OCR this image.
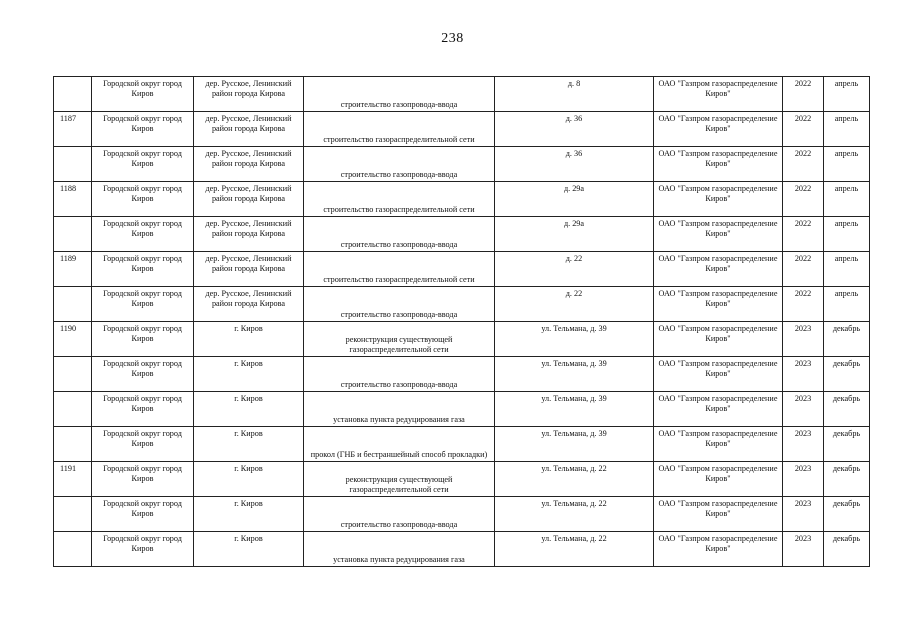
238

	Городской округ город
Киров	дер. Русское, Ленинский
район города Кирова	строительство газопровода-ввода	д. 8	ОАО "Газпром газораспределение
Киров"	2022	апрель

1187	Городской округ город
Киров	дер. Русское, Ленинский
район города Кирова	строительство газораспределительной сети	д. 36	ОАО "Газпром газораспределение
Киров"	2022	апрель

	Городской округ город
Киров	дер. Русское, Ленинский
район города Кирова	строительство газопровода-ввода	д. 36	ОАО "Газпром газораспределение
Киров"	2022	апрель

1188	Городской округ город
Киров	дер. Русское, Ленинский
район города Кирова	строительство газораспределительной сети	д. 29а	ОАО "Газпром газораспределение
Киров"	2022	апрель

	Городской округ город
Киров	дер. Русское, Ленинский
район города Кирова	строительство газопровода-ввода	д. 29а	ОАО "Газпром газораспределение
Киров"	2022	апрель

1189	Городской округ город
Киров	дер. Русское, Ленинский
район города Кирова	строительство газораспределительной сети	д. 22	ОАО "Газпром газораспределение
Киров"	2022	апрель

	Городской округ город
Киров	дер. Русское, Ленинский
район города Кирова	строительство газопровода-ввода	д. 22	ОАО "Газпром газораспределение
Киров"	2022	апрель

1190	Городской округ город
Киров	г. Киров	реконструкция существующей
газораспределительной сети	ул. Тельмана, д. 39	ОАО "Газпром газораспределение
Киров"	2023	декабрь

	Городской округ город
Киров	г. Киров	строительство газопровода-ввода	ул. Тельмана, д. 39	ОАО "Газпром газораспределение
Киров"	2023	декабрь

	Городской округ город
Киров	г. Киров	установка пункта редуцирования газа	ул. Тельмана, д. 39	ОАО "Газпром газораспределение
Киров"	2023	декабрь

	Городской округ город
Киров	г. Киров	прокол (ГНБ и бестраншейный способ прокладки)	ул. Тельмана, д. 39	ОАО "Газпром газораспределение
Киров"	2023	декабрь

1191	Городской округ город
Киров	г. Киров	реконструкция существующей
газораспределительной сети	ул. Тельмана, д. 22	ОАО "Газпром газораспределение
Киров"	2023	декабрь

	Городской округ город
Киров	г. Киров	строительство газопровода-ввода	ул. Тельмана, д. 22	ОАО "Газпром газораспределение
Киров"	2023	декабрь

	Городской округ город
Киров	г. Киров	установка пункта редуцирования газа	ул. Тельмана, д. 22	ОАО "Газпром газораспределение
Киров"	2023	декабрь
